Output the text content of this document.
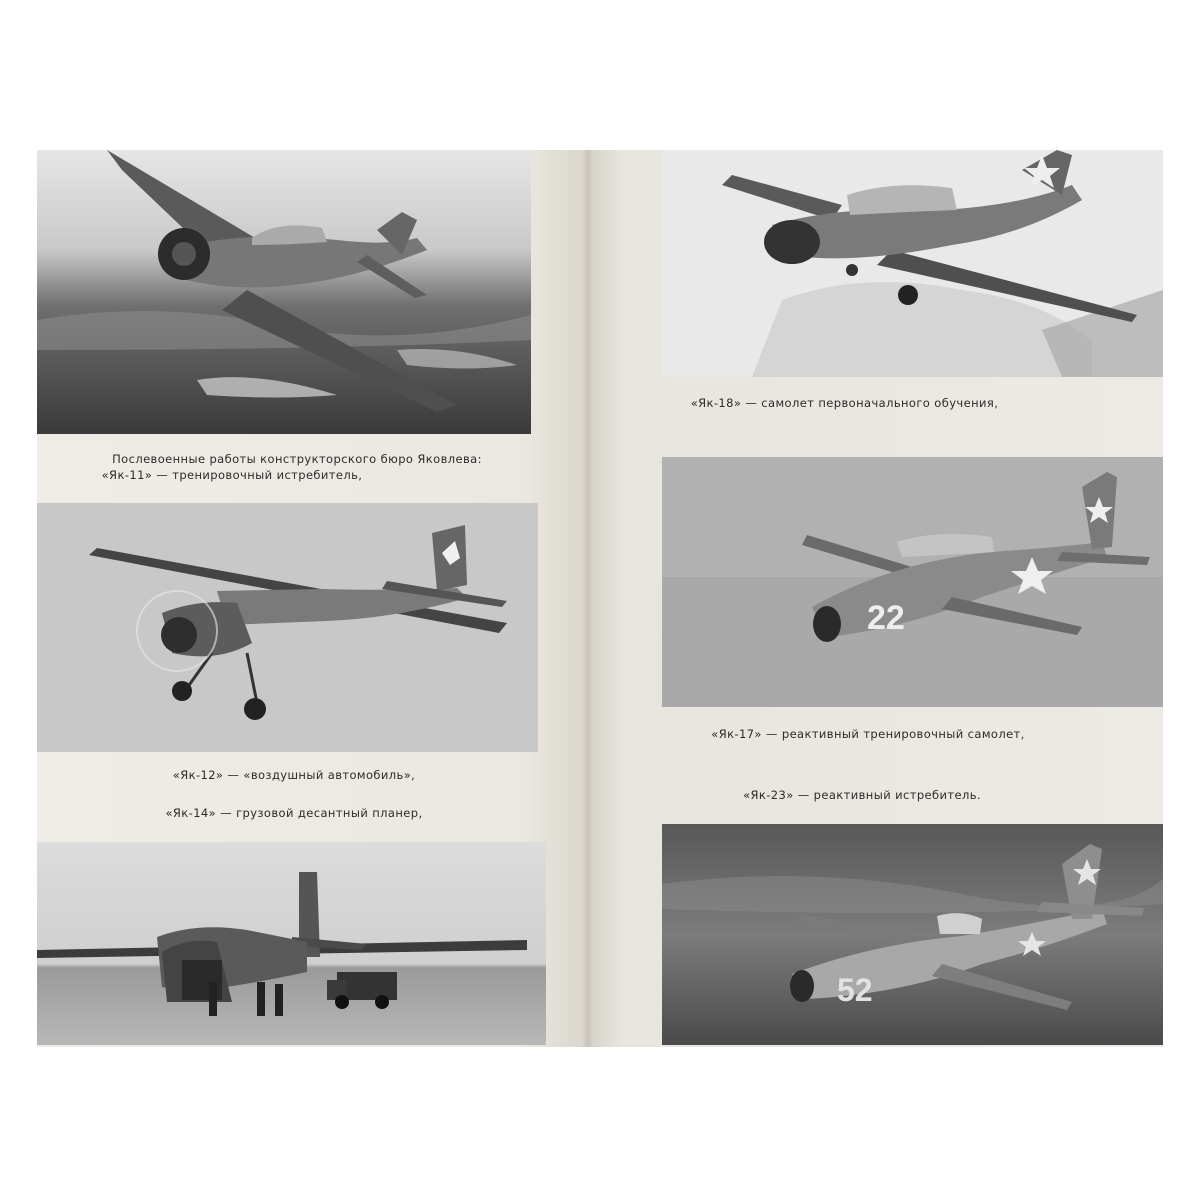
Послевоенные работы конструкторского бюро Яковлева:
«Як-11» — тренировочный истребитель,
«Як-12» — «воздушный автомобиль»,
«Як-14» — грузовой десантный планер,
«Як-18» — самолет первоначального обучения,
22
«Як-17» — реактивный тренировочный самолет,
«Як-23» — реактивный истребитель.
52
